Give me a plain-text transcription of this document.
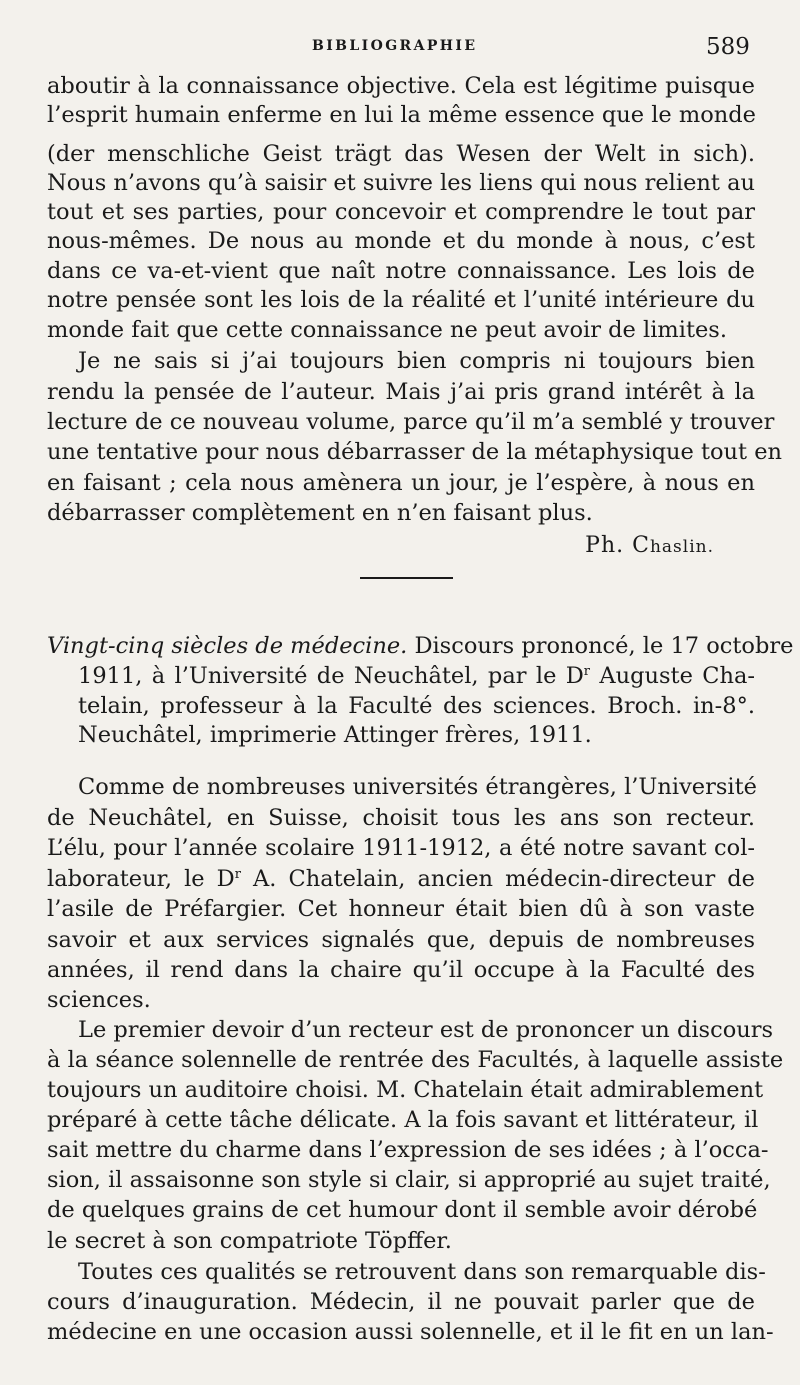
BIBLIOGRAPHIE	589
aboutir à la connaissance objective. Cela est légitime puisque
l’esprit humain enferme en lui la même essence que le monde
(der menschliche Geist trägt das Wesen der Welt in sich).
Nous n’avons qu’à saisir et suivre les liens qui nous relient au
tout et ses parties, pour concevoir et comprendre le tout par
nous-mêmes. De nous au monde et du monde à nous, c’est
dans ce va-et-vient que naît notre connaissance. Les lois de
notre pensée sont les lois de la réalité et l’unité intérieure du
monde fait que cette connaissance ne peut avoir de limites.
Je ne sais si j’ai toujours bien compris ni toujours bien
rendu la pensée de l’auteur. Mais j’ai pris grand intérêt à la
lecture de ce nouveau volume, parce qu’il m’a semblé y trouver
une tentative pour nous débarrasser de la métaphysique tout en
en faisant ; cela nous amènera un jour, je l’espère, à nous en
débarrasser complètement en n’en faisant plus.
Ph. Chaslin.
Vingt-cinq siècles de médecine. Discours prononcé, le 17 octobre
1911, à l’Université de Neuchâtel, par le $D^r$ Auguste Cha-
telain, professeur à la Faculté des sciences. Broch. in-8°.
Neuchâtel, imprimerie Attinger frères, 1911.
Comme de nombreuses universités étrangères, l’Université
de Neuchâtel, en Suisse, choisit tous les ans son recteur.
L’élu, pour l’année scolaire 1911-1912, a été notre savant col-
laborateur, le $D^r$ A. Chatelain, ancien médecin-directeur de
l’asile de Préfargier. Cet honneur était bien dû à son vaste
savoir et aux services signalés que, depuis de nombreuses
années, il rend dans la chaire qu’il occupe à la Faculté des
sciences.
Le premier devoir d’un recteur est de prononcer un discours
à la séance solennelle de rentrée des Facultés, à laquelle assiste
toujours un auditoire choisi. M. Chatelain était admirablement
préparé à cette tâche délicate. A la fois savant et littérateur, il
sait mettre du charme dans l’expression de ses idées ; à l’occa-
sion, il assaisonne son style si clair, si approprié au sujet traité,
de quelques grains de cet humour dont il semble avoir dérobé
le secret à son compatriote Töpffer.
Toutes ces qualités se retrouvent dans son remarquable dis-
cours d’inauguration. Médecin, il ne pouvait parler que de
médecine en une occasion aussi solennelle, et il le fit en un lan-
